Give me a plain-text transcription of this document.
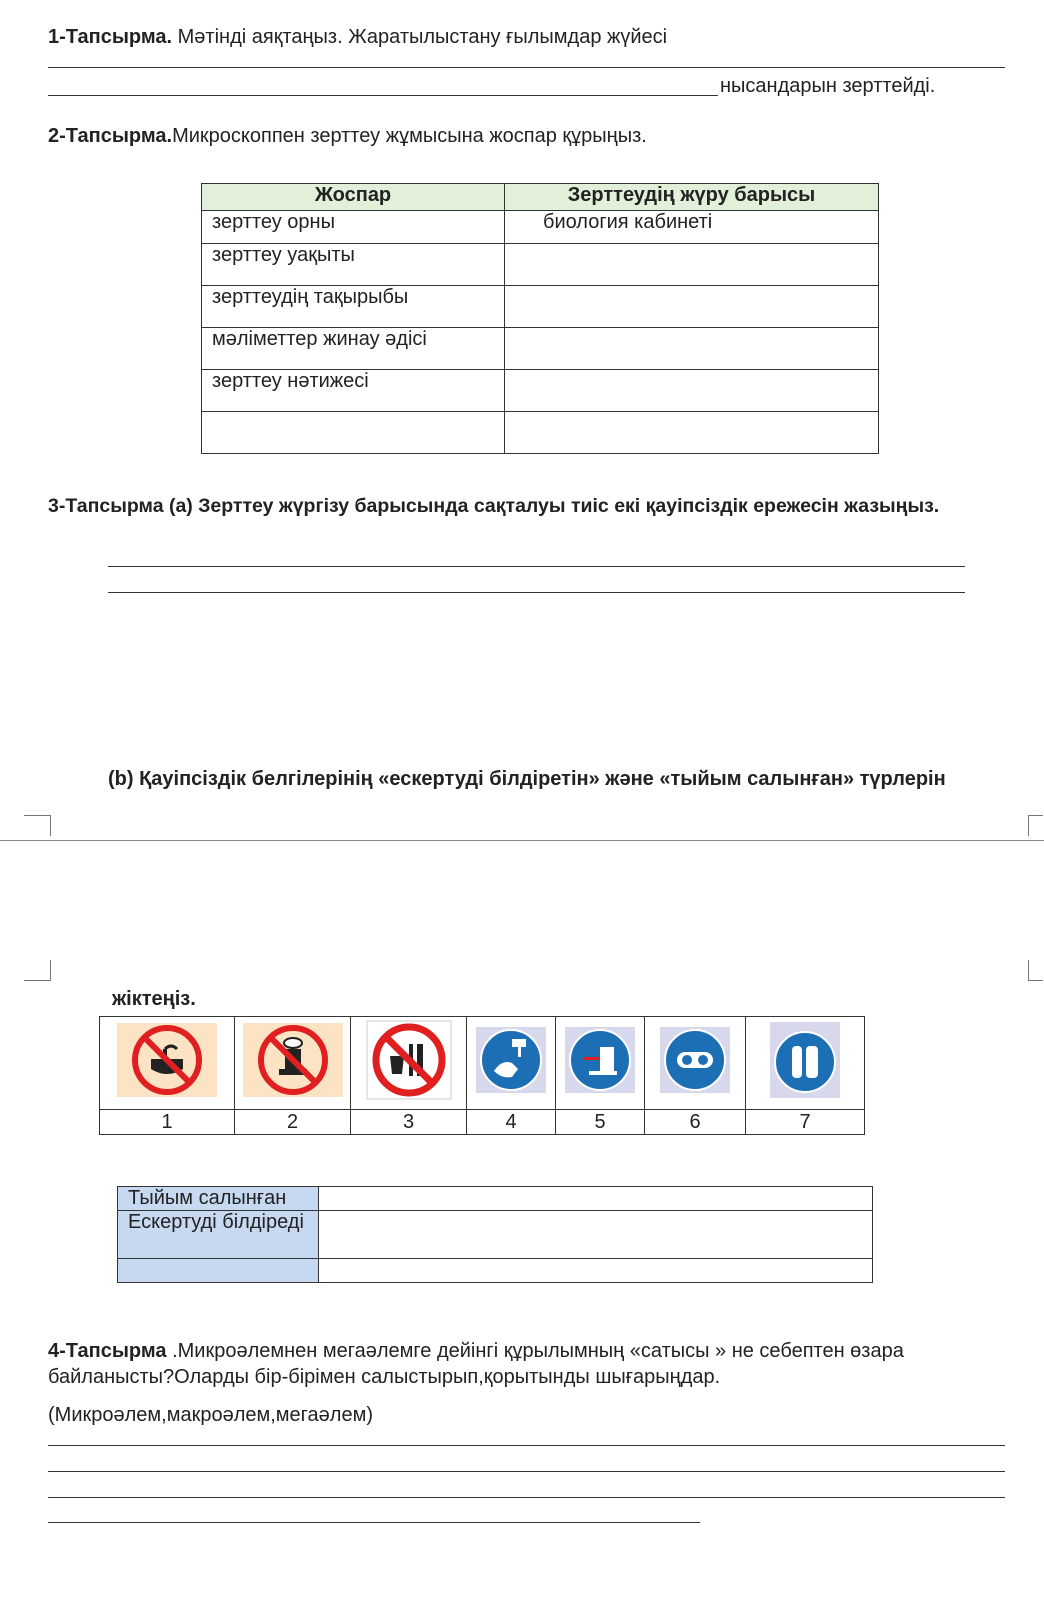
1-Тапсырма. Мәтінді аяқтаңыз. Жаратылыстану ғылымдар жүйесі
нысандарын зерттейді.
2-Тапсырма.Микроскоппен зерттеу жұмысына жоспар құрыңыз.
Жоспар	Зерттеудің жүру барысы
зерттеу орны	биология кабинеті
зерттеу уақыты	
зерттеудің тақырыбы	
мәліметтер жинау әдісі	
зерттеу нәтижесі	

3-Тапсырма (а) Зерттеу жүргізу барысында сақталуы тиіс екі қауіпсіздік ережесін жазыңыз.
(b) Қауіпсіздік белгілерінің «ескертуді білдіретін» және «тыйым салынған» түрлерін
жіктеңіз.

1	2	3	4	5	6	7
Тыйым салынған	
Ескертуді білдіреді	

4-Тапсырма .Микроәлемнен мегаәлемге дейінгі құрылымның «сатысы » не себептен өзара байланысты?Оларды бір-бірімен салыстырып,қорытынды шығарыңдар.
(Микроәлем,макроәлем,мегаәлем)
